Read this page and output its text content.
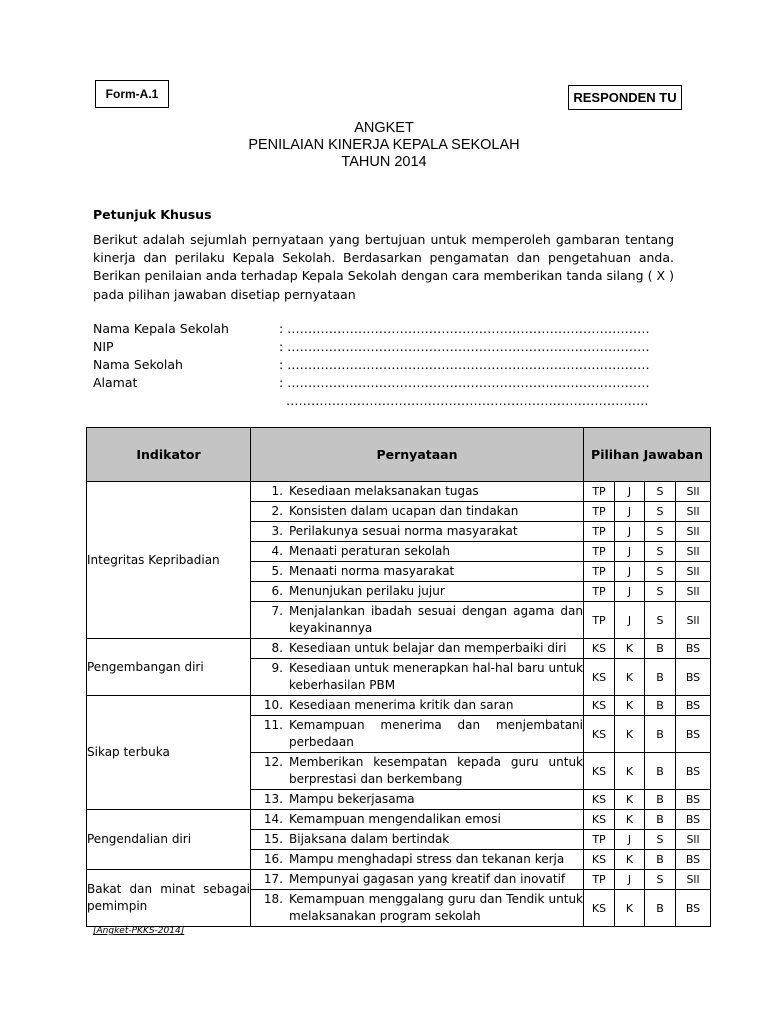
Form-A.1	RESPONDEN TU
ANGKET
PENILAIAN KINERJA KEPALA SEKOLAH
TAHUN 2014
Petunjuk Khusus
Berikut adalah sejumlah pernyataan yang bertujuan untuk memperoleh gambaran tentang kinerja dan perilaku Kepala Sekolah. Berdasarkan pengamatan dan pengetahuan anda. Berikan penilaian anda terhadap Kepala Sekolah dengan cara memberikan tanda silang ( X ) pada pilihan jawaban disetiap pernyataan
Nama Kepala Sekolah	: ……………………………………………………………………………
NIP	: ……………………………………………………………………………
Nama Sekolah	: ……………………………………………………………………………
Alamat	: ……………………………………………………………………………
……………………………………………………………………………
Indikator	Pernyataan	Pilihan Jawaban			
Integritas Kepribadian	1. Kesediaan melaksanakan tugas	TP	J	S	Sll

	2. Konsisten dalam ucapan dan tindakan	TP	J	S	Sll

	3. Perilakunya sesuai norma masyarakat	TP	J	S	Sll

	4. Menaati peraturan sekolah	TP	J	S	Sll

	5. Menaati norma masyarakat	TP	J	S	Sll

	6. Menunjukan perilaku jujur	TP	J	S	Sll

	7. Menjalankan ibadah sesuai dengan agama dan keyakinannya	TP	J	S	Sll
Pengembangan diri	8. Kesediaan untuk belajar dan memperbaiki diri	KS	K	B	BS

	9. Kesediaan untuk menerapkan hal-hal baru untuk keberhasilan PBM	KS	K	B	BS
Sikap terbuka	10. Kesediaan menerima kritik dan saran	KS	K	B	BS

	11. Kemampuan menerima dan menjembatani perbedaan	KS	K	B	BS

	12. Memberikan kesempatan kepada guru untuk berprestasi dan berkembang	KS	K	B	BS

	13. Mampu bekerjasama	KS	K	B	BS
Pengendalian diri	14. Kemampuan mengendalikan emosi	KS	K	B	BS

	15. Bijaksana dalam bertindak	TP	J	S	Sll

	16. Mampu menghadapi stress dan tekanan kerja	KS	K	B	BS
Bakat dan minat sebagai pemimpin	17. Mempunyai gagasan yang kreatif dan inovatif	TP	J	S	Sll

	18. Kemampuan menggalang guru dan Tendik untuk melaksanakan program sekolah	KS	K	B	BS
[Angket-PKKS-2014]
